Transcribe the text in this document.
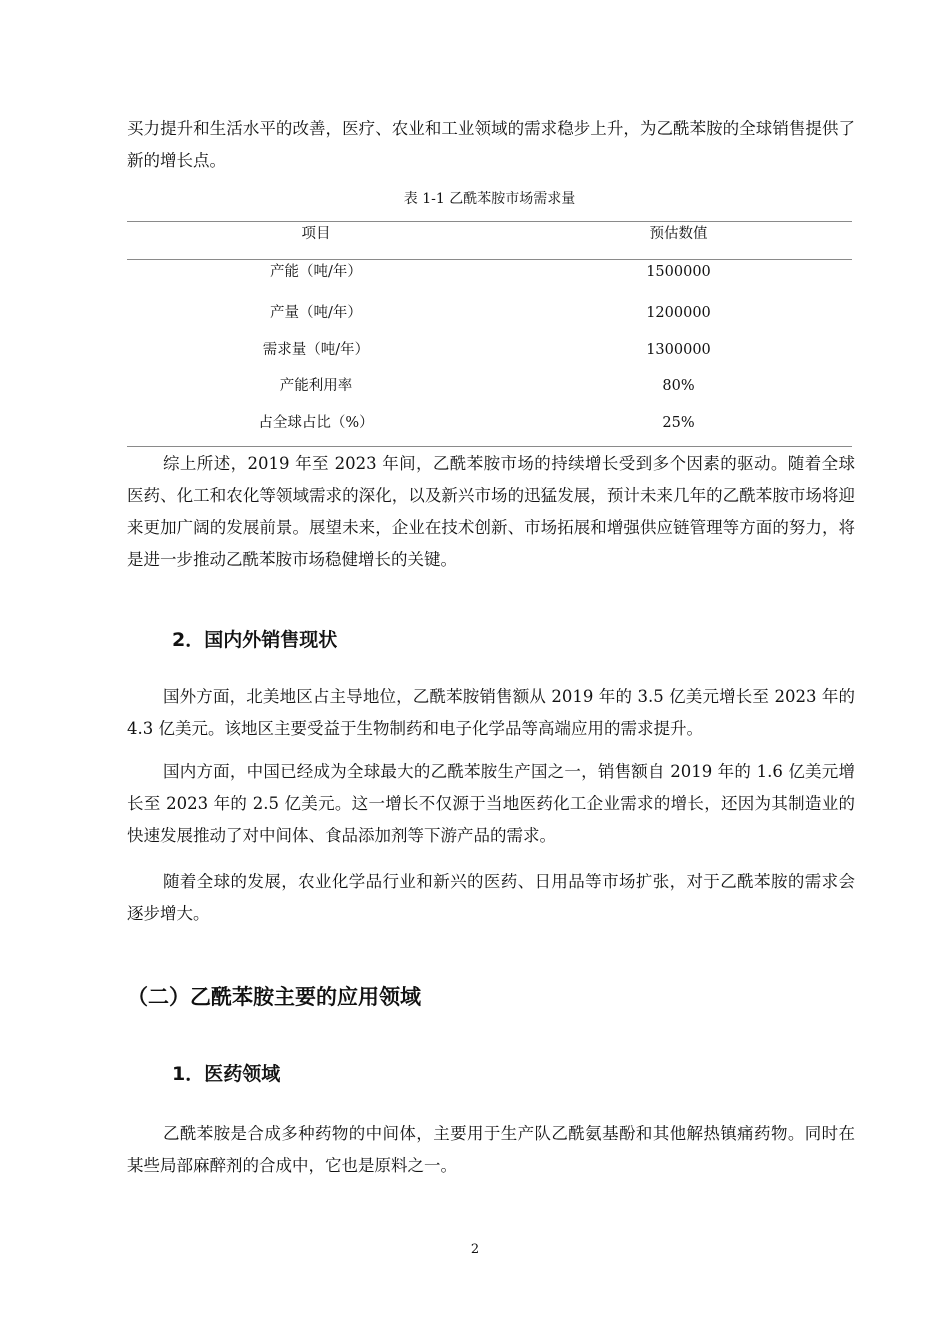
买力提升和生活水平的改善，医疗、农业和工业领域的需求稳步上升，为乙酰苯胺的全球销售提供了新的增长点。

表 1-1 乙酰苯胺市场需求量
项目	预估数值
产能（吨/年）	1500000
产量（吨/年）	1200000
需求量（吨/年）	1300000
产能利用率	80%
占全球占比（%）	25%

综上所述，2019 年至 2023 年间，乙酰苯胺市场的持续增长受到多个因素的驱动。随着全球医药、化工和农化等领域需求的深化，以及新兴市场的迅猛发展，预计未来几年的乙酰苯胺市场将迎来更加广阔的发展前景。展望未来，企业在技术创新、市场拓展和增强供应链管理等方面的努力，将是进一步推动乙酰苯胺市场稳健增长的关键。

2．国内外销售现状

国外方面，北美地区占主导地位，乙酰苯胺销售额从 2019 年的 3.5 亿美元增长至 2023 年的 4.3 亿美元。该地区主要受益于生物制药和电子化学品等高端应用的需求提升。

国内方面，中国已经成为全球最大的乙酰苯胺生产国之一，销售额自 2019 年的 1.6 亿美元增长至 2023 年的 2.5 亿美元。这一增长不仅源于当地医药化工企业需求的增长，还因为其制造业的快速发展推动了对中间体、食品添加剂等下游产品的需求。

随着全球的发展，农业化学品行业和新兴的医药、日用品等市场扩张，对于乙酰苯胺的需求会逐步增大。

（二）乙酰苯胺主要的应用领域
1．医药领域

乙酰苯胺是合成多种药物的中间体，主要用于生产队乙酰氨基酚和其他解热镇痛药物。同时在某些局部麻醉剂的合成中，它也是原料之一。

2
